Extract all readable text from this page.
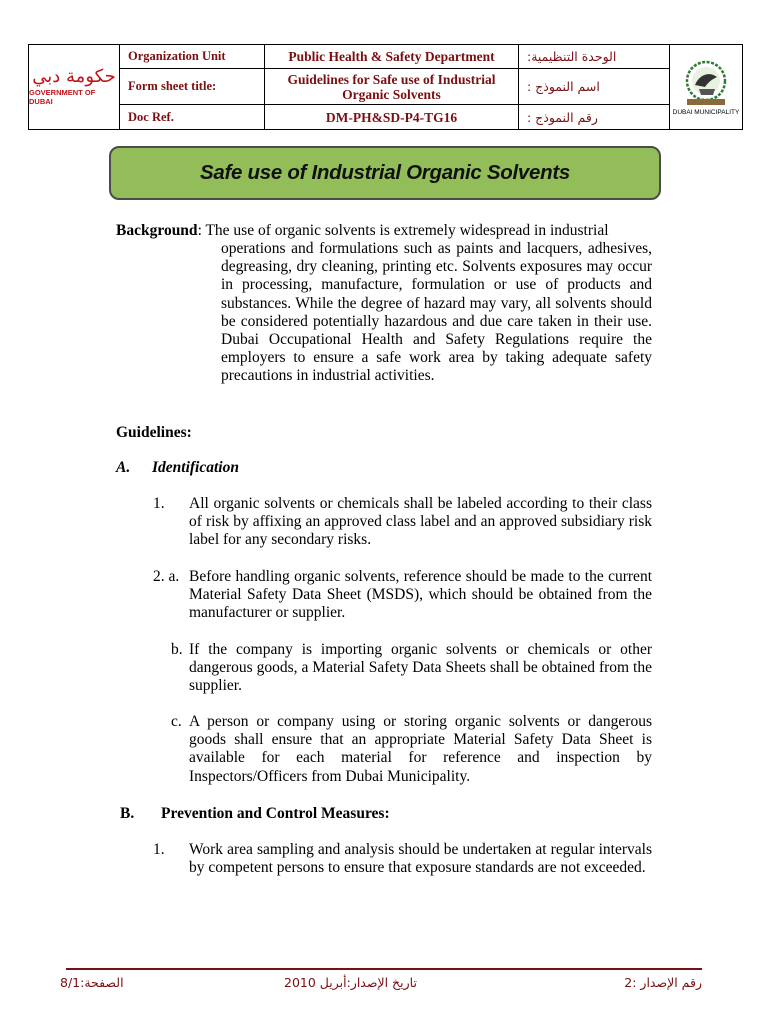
حكومة دبي
GOVERNMENT OF DUBAI
Organization Unit	Public Health & Safety Department	الوحدة التنظيمية:
Form sheet title:	Guidelines for Safe use of Industrial Organic Solvents	اسم النموذج :
Doc Ref.	DM-PH&SD-P4-TG16	رقم النموذج :	DUBAI MUNICIPALITY
Safe use of Industrial Organic Solvents
Background: The use of organic solvents is extremely widespread in industrial
operations and formulations such as paints and lacquers, adhesives, degreasing, dry cleaning, printing etc. Solvents exposures may occur in processing, manufacture, formulation or use of products and substances. While the degree of hazard may vary, all solvents should be considered potentially hazardous and due care taken in their use. Dubai Occupational Health and Safety Regulations require the employers to ensure a safe work area by taking adequate safety precautions in industrial activities.
Guidelines:
A. Identification
1. All organic solvents or chemicals shall be labeled according to their class of risk by affixing an approved class label and an approved subsidiary risk label for any secondary risks.
2. a. Before handling organic solvents, reference should be made to the current Material Safety Data Sheet (MSDS), which should be obtained from the manufacturer or supplier.
b. If the company is importing organic solvents or chemicals or other dangerous goods, a Material Safety Data Sheets shall be obtained from the supplier.
c. A person or company using or storing organic solvents or dangerous goods shall ensure that an appropriate Material Safety Data Sheet is available for each material for reference and inspection by Inspectors/Officers from Dubai Municipality.
B. Prevention and Control Measures:
1. Work area sampling and analysis should be undertaken at regular intervals by competent persons to ensure that exposure standards are not exceeded.
الصفحة:8/1	تاريخ الإصدار:أبريل 2010	رقم الإصدار :2
